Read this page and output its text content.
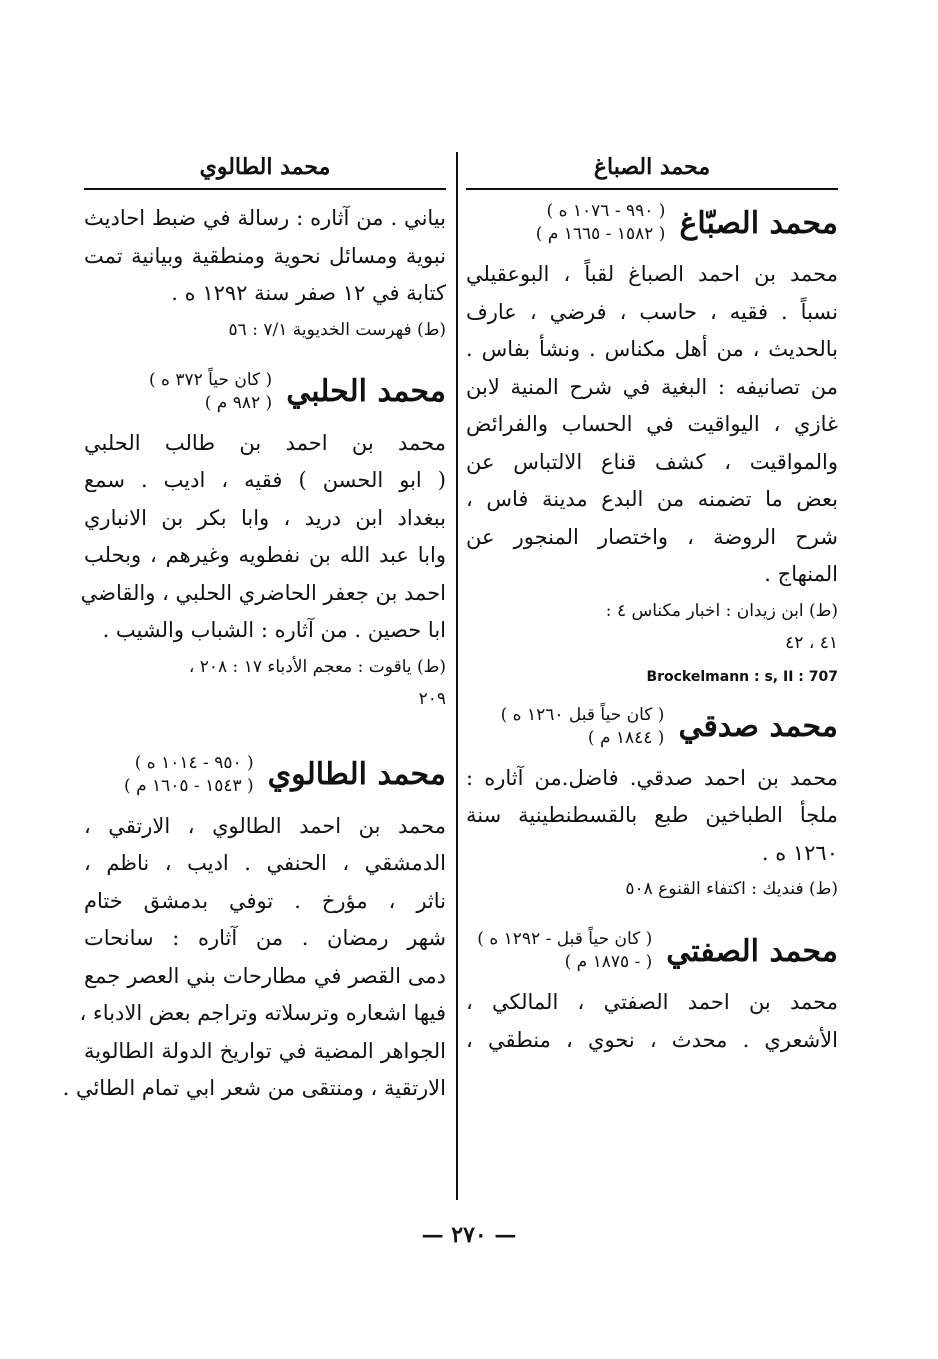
محمد الصباغ
محمد الصبّاغ
( ٩٩٠ - ١٠٧٦ ه )
( ١٥٨٢ - ١٦٦٥ م )
محمد بن احمد الصباغ لقباً ، البوعقيلي
نسباً . فقيه ، حاسب ، فرضي ، عارف
بالحديث ، من أهل مكناس . ونشأ بفاس .
من تصانيفه : البغية في شرح المنية لابن
غازي ، اليواقيت في الحساب والفرائض
والمواقيت ، كشف قناع الالتباس عن
بعض ما تضمنه من البدع مدينة فاس ،
شرح الروضة ، واختصار المنجور عن
المنهاج .
(ط) ابن زيدان : اخبار مكناس ٤ :
٤١ ، ٤٢
Brockelmann : s, II : 707
محمد صدقي
( كان حياً قبل ١٢٦٠ ه )
( ١٨٤٤ م )
محمد بن احمد صدقي. فاضل.من آثاره :
ملجأ الطباخين طبع بالقسطنطينية سنة
١٢٦٠ ه .
(ط) فنديك : اكتفاء القنوع ٥٠٨
محمد الصفتي
( كان حياً قبل - ١٢٩٢ ه )
( - ١٨٧٥ م )
محمد بن احمد الصفتي ، المالكي ،
الأشعري . محدث ، نحوي ، منطقي ،
محمد الطالوي
بياني . من آثاره : رسالة في ضبط احاديث
نبوية ومسائل نحوية ومنطقية وبيانية تمت
كتابة في ١٢ صفر سنة ١٢٩٢ ه .
(ط) فهرست الخديوية ٧/١ : ٥٦
محمد الحلبي
( كان حياً ٣٧٢ ه )
( ٩٨٢ م )
محمد بن احمد بن طالب الحلبي
( ابو الحسن ) فقيه ، اديب . سمع
ببغداد ابن دريد ، وابا بكر بن الانباري
وابا عبد الله بن نفطويه وغيرهم ، وبحلب
احمد بن جعفر الحاضري الحلبي ، والقاضي
ابا حصين . من آثاره : الشباب والشيب .
(ط) ياقوت : معجم الأدباء ١٧ : ٢٠٨ ،
٢٠٩
محمد الطالوي
( ٩٥٠ - ١٠١٤ ه )
( ١٥٤٣ - ١٦٠٥ م )
محمد بن احمد الطالوي ، الارتقي ،
الدمشقي ، الحنفي . اديب ، ناظم ،
ناثر ، مؤرخ . توفي بدمشق ختام
شهر رمضان . من آثاره : سانحات
دمى القصر في مطارحات بني العصر جمع
فيها اشعاره وترسلاته وتراجم بعض الادباء ،
الجواهر المضية في تواريخ الدولة الطالوية
الارتقية ، ومنتقى من شعر ابي تمام الطائي .
— ٢٧٠ —
